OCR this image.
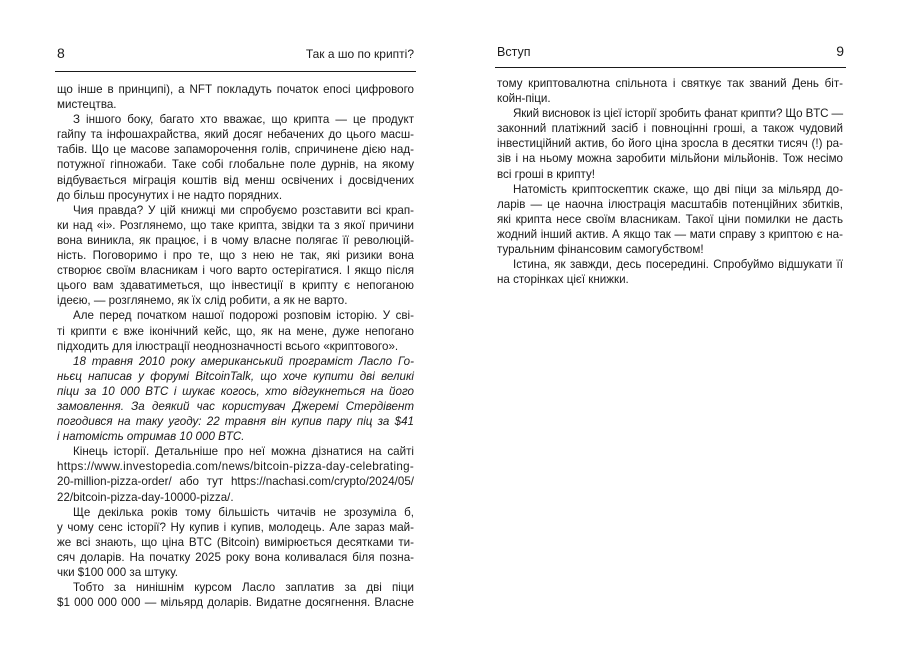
8	Так а шо по крипті?
що інше в принципі), а NFT покладуть початок епосі цифрового
мистецтва.
З іншого боку, багато хто вважає, що крипта — це продукт
гайпу та інфошахрайства, який досяг небачених до цього масш-
табів. Що це масове запаморочення голів, спричинене дією над-
потужної гіпножаби. Таке собі глобальне поле дурнів, на якому
відбувається міграція коштів від менш освічених і досвідчених
до більш просунутих і не надто порядних.
Чия правда? У цій книжці ми спробуємо розставити всі крап-
ки над «і». Розглянемо, що таке крипта, звідки та з якої причини
вона виникла, як працює, і в чому власне полягає її революцій-
ність. Поговоримо і про те, що з нею не так, які ризики вона
створює своїм власникам і чого варто остерігатися. І якщо після
цього вам здаватиметься, що інвестиції в крипту є непоганою
ідеєю, — розглянемо, як їх слід робити, а як не варто.
Але перед початком нашої подорожі розповім історію. У сві-
ті крипти є вже іконічний кейс, що, як на мене, дуже непогано
підходить для ілюстрації неоднозначності всього «криптового».
18 травня 2010 року американський програміст Ласло Го-
ньєц написав у форумі BitcoinTalk, що хоче купити дві великі
піци за 10 000 BTC і шукає когось, хто відгукнеться на його
замовлення. За деякий час користувач Джеремі Стердівент
погодився на таку угоду: 22 травня він купив пару піц за $41
і натомість отримав 10 000 BTC.
Кінець історії. Детальніше про неї можна дізнатися на сайті
https://www.investopedia.com/news/bitcoin-pizza-day-celebrating-
20-million-pizza-order/ або тут https://nachasi.com/crypto/2024/05/
22/bitcoin-pizza-day-10000-pizza/.
Ще декілька років тому більшість читачів не зрозуміла б,
у чому сенс історії? Ну купив і купив, молодець. Але зараз май-
же всі знають, що ціна BTC (Bitcoin) вимірюється десятками ти-
сяч доларів. На початку 2025 року вона коливалася біля позна-
чки $100 000 за штуку.
Тобто за нинішнім курсом Ласло заплатив за дві піци
$1 000 000 000 — мільярд доларів. Видатне досягнення. Власне
Вступ	9
тому криптовалютна спільнота і святкує так званий День біт-
койн-піци.
Який висновок із цієї історії зробить фанат крипти? Що BTC —
законний платіжний засіб і повноцінні гроші, а також чудовий
інвестиційний актив, бо його ціна зросла в десятки тисяч (!) ра-
зів і на ньому можна заробити мільйони мільйонів. Тож несімо
всі гроші в крипту!
Натомість криптоскептик скаже, що дві піци за мільярд до-
ларів — це наочна ілюстрація масштабів потенційних збитків,
які крипта несе своїм власникам. Такої ціни помилки не дасть
жодний інший актив. А якщо так — мати справу з криптою є на-
туральним фінансовим самогубством!
Істина, як завжди, десь посередині. Спробуймо відшукати її
на сторінках цієї книжки.
